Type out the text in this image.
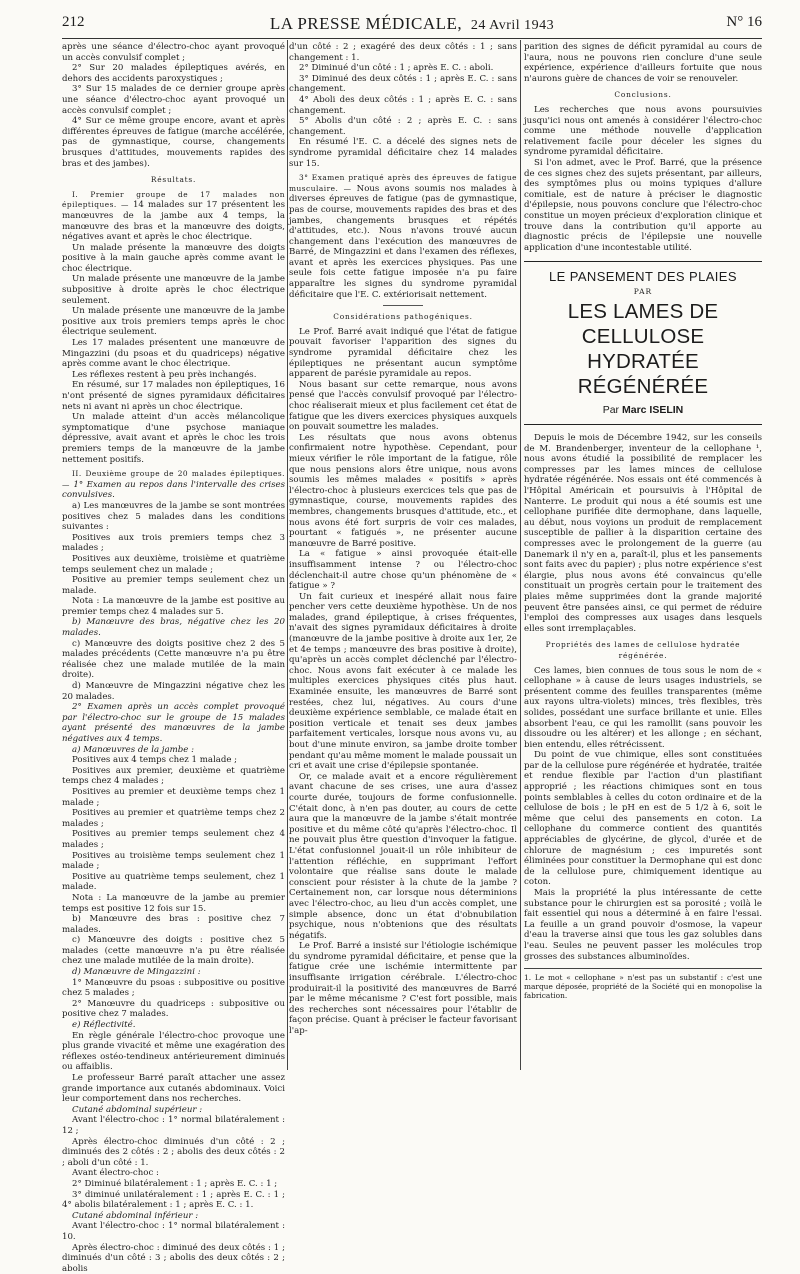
212	LA PRESSE MÉDICALE, 24 Avril 1943	N° 16

après une séance d'électro-choc ayant provoqué un accès convulsif complet ;

2° Sur 20 malades épileptiques avérés, en dehors des accidents paroxystiques ;

3° Sur 15 malades de ce dernier groupe après une séance d'électro-choc ayant provoqué un accès convulsif complet ;

4° Sur ce même groupe encore, avant et après différentes épreuves de fatigue (marche accélérée, pas de gymnastique, course, changements brusques d'attitudes, mouvements rapides des bras et des jambes).

Résultats.

I. Premier groupe de 17 malades non épileptiques. — 14 malades sur 17 présentent les manœuvres de la jambe aux 4 temps, la manœuvre des bras et la manœuvre des doigts, négatives avant et après le choc électrique.

Un malade présente la manœuvre des doigts positive à la main gauche après comme avant le choc électrique.

Un malade présente une manœuvre de la jambe subpositive à droite après le choc électrique seulement.

Un malade présente une manœuvre de la jambe positive aux trois premiers temps après le choc électrique seulement.

Les 17 malades présentent une manœuvre de Mingazzini (du psoas et du quadriceps) négative après comme avant le choc électrique.

Les réflexes restent à peu près inchangés.

En résumé, sur 17 malades non épileptiques, 16 n'ont présenté de signes pyramidaux déficitaires nets ni avant ni après un choc électrique.

Un malade atteint d'un accès mélancolique symptomatique d'une psychose maniaque dépressive, avait avant et après le choc les trois premiers temps de la manœuvre de la jambe nettement positifs.

II. Deuxième groupe de 20 malades épileptiques. — 1° Examen au repos dans l'intervalle des crises convulsives.

a) Les manœuvres de la jambe se sont montrées positives chez 5 malades dans les conditions suivantes :

Positives aux trois premiers temps chez 3 malades ;

Positives aux deuxième, troisième et quatrième temps seulement chez un malade ;

Positive au premier temps seulement chez un malade.

Nota : La manœuvre de la jambe est positive au premier temps chez 4 malades sur 5.

b) Manœuvre des bras, négative chez les 20 malades.

c) Manœuvre des doigts positive chez 2 des 5 malades précédents (Cette manœuvre n'a pu être réalisée chez une malade mutilée de la main droite).

d) Manœuvre de Mingazzini négative chez les 20 malades.

2° Examen après un accès complet provoqué par l'électro-choc sur le groupe de 15 malades ayant présenté des manœuvres de la jambe négatives aux 4 temps.

a) Manœuvres de la jambe :

Positives aux 4 temps chez 1 malade ;

Positives aux premier, deuxième et quatrième temps chez 4 malades ;

Positives au premier et deuxième temps chez 1 malade ;

Positives au premier et quatrième temps chez 2 malades ;

Positives au premier temps seulement chez 4 malades ;

Positives au troisième temps seulement chez 1 malade ;

Positive au quatrième temps seulement, chez 1 malade.

Nota : La manœuvre de la jambe au premier temps est positive 12 fois sur 15.

b) Manœuvre des bras : positive chez 7 malades.

c) Manœuvre des doigts : positive chez 5 malades (cette manœuvre n'a pu être réalisée chez une malade mutilée de la main droite).

d) Manœuvre de Mingazzini :

1° Manœuvre du psoas : subpositive ou positive chez 5 malades ;

2° Manœuvre du quadriceps : subpositive ou positive chez 7 malades.

e) Réflectivité.

En règle générale l'électro-choc provoque une plus grande vivacité et même une exagération des réflexes ostéo-tendineux antérieurement diminués ou affaiblis.

Le professeur Barré paraît attacher une assez grande importance aux cutanés abdominaux. Voici leur comportement dans nos recherches.

Cutané abdominal supérieur :

Avant l'électro-choc : 1° normal bilatéralement : 12 ;

Après électro-choc diminués d'un côté : 2 ; diminués des 2 côtés : 2 ; abolis des deux côtés : 2 ; aboli d'un côté : 1.

Avant électro-choc :

2° Diminué bilatéralement : 1 ; après E. C. : 1 ;

3° diminué unilatéralement : 1 ; après E. C. : 1 ; 4° abolis bilatéralement : 1 ; après E. C. : 1.

Cutané abdominal inférieur :

Avant l'électro-choc : 1° normal bilatéralement : 10.

Après électro-choc : diminué des deux côtés : 1 ; diminués d'un côté : 3 ; abolis des deux côtés : 2 ; abolis

d'un côté : 2 ; exagéré des deux côtés : 1 ; sans changement : 1.

2° Diminué d'un côté : 1 ; après E. C. : aboli.

3° Diminué des deux côtés : 1 ; après E. C. : sans changement.

4° Aboli des deux côtés : 1 ; après E. C. : sans changement.

5° Abolis d'un côté : 2 ; après E. C. : sans changement.

En résumé l'E. C. a décelé des signes nets de syndrome pyramidal déficitaire chez 14 malades sur 15.

3° Examen pratiqué après des épreuves de fatigue musculaire. — Nous avons soumis nos malades à diverses épreuves de fatigue (pas de gymnastique, pas de course, mouvements rapides des bras et des jambes, changements brusques et répétés d'attitudes, etc.). Nous n'avons trouvé aucun changement dans l'exécution des manœuvres de Barré, de Mingazzini et dans l'examen des réflexes, avant et après les exercices physiques. Pas une seule fois cette fatigue imposée n'a pu faire apparaître les signes du syndrome pyramidal déficitaire que l'E. C. extériorisait nettement.

Considérations pathogéniques.

Le Prof. Barré avait indiqué que l'état de fatigue pouvait favoriser l'apparition des signes du syndrome pyramidal déficitaire chez les épileptiques ne présentant aucun symptôme apparent de parésie pyramidale au repos.

Nous basant sur cette remarque, nous avons pensé que l'accès convulsif provoqué par l'électro-choc réaliserait mieux et plus facilement cet état de fatigue que les divers exercices physiques auxquels on pouvait soumettre les malades.

Les résultats que nous avons obtenus confirmaient notre hypothèse. Cependant, pour mieux vérifier le rôle important de la fatigue, rôle que nous pensions alors être unique, nous avons soumis les mêmes malades « positifs » après l'électro-choc à plusieurs exercices tels que pas de gymnastique, course, mouvements rapides des membres, changements brusques d'attitude, etc., et nous avons été fort surpris de voir ces malades, pourtant « fatigués », ne présenter aucune manœuvre de Barré positive.

La « fatigue » ainsi provoquée était-elle insuffisamment intense ? ou l'électro-choc déclenchait-il autre chose qu'un phénomène de « fatigue » ?

Un fait curieux et inespéré allait nous faire pencher vers cette deuxième hypothèse. Un de nos malades, grand épileptique, à crises fréquentes, n'avait des signes pyramidaux déficitaires à droite (manœuvre de la jambe positive à droite aux 1er, 2e et 4e temps ; manœuvre des bras positive à droite), qu'après un accès complet déclenché par l'électro-choc. Nous avons fait exécuter à ce malade les multiples exercices physiques cités plus haut. Examinée ensuite, les manœuvres de Barré sont restées, chez lui, négatives. Au cours d'une deuxième expérience semblable, ce malade était en position verticale et tenait ses deux jambes parfaitement verticales, lorsque nous avons vu, au bout d'une minute environ, sa jambe droite tomber pendant qu'au même moment le malade poussait un cri et avait une crise d'épilepsie spontanée.

Or, ce malade avait et a encore régulièrement avant chacune de ses crises, une aura d'assez courte durée, toujours de forme confusionnelle. C'était donc, à n'en pas douter, au cours de cette aura que la manœuvre de la jambe s'était montrée positive et du même côté qu'après l'électro-choc. Il ne pouvait plus être question d'invoquer la fatigue. L'état confusionnel jouait-il un rôle inhibiteur de l'attention réfléchie, en supprimant l'effort volontaire que réalise sans doute le malade conscient pour résister à la chute de la jambe ? Certainement non, car lorsque nous déterminions avec l'électro-choc, au lieu d'un accès complet, une simple absence, donc un état d'obnubilation psychique, nous n'obtenions que des résultats négatifs.

Le Prof. Barré a insisté sur l'étiologie ischémique du syndrome pyramidal déficitaire, et pense que la fatigue crée une ischémie intermittente par insuffisante irrigation cérébrale. L'électro-choc produirait-il la positivité des manœuvres de Barré par le même mécanisme ? C'est fort possible, mais des recherches sont nécessaires pour l'établir de façon précise. Quant à préciser le facteur favorisant l'ap-

parition des signes de déficit pyramidal au cours de l'aura, nous ne pouvons rien conclure d'une seule expérience, expérience d'ailleurs fortuite que nous n'aurons guère de chances de voir se renouveler.

Conclusions.

Les recherches que nous avons poursuivies jusqu'ici nous ont amenés à considérer l'électro-choc comme une méthode nouvelle d'application relativement facile pour déceler les signes du syndrome pyramidal déficitaire.

Si l'on admet, avec le Prof. Barré, que la présence de ces signes chez des sujets présentant, par ailleurs, des symptômes plus ou moins typiques d'allure comitiale, est de nature à préciser le diagnostic d'épilepsie, nous pouvons conclure que l'électro-choc constitue un moyen précieux d'exploration clinique et trouve dans la contribution qu'il apporte au diagnostic précis de l'épilepsie une nouvelle application d'une incontestable utilité.

LE PANSEMENT DES PLAIES
PAR
LES LAMES DE CELLULOSE HYDRATÉE RÉGÉNÉRÉE
Par Marc ISELIN

Depuis le mois de Décembre 1942, sur les conseils de M. Brandenberger, inventeur de la cellophane ¹, nous avons étudié la possibilité de remplacer les compresses par les lames minces de cellulose hydratée régénérée. Nos essais ont été commencés à l'Hôpital Américain et poursuivis à l'Hôpital de Nanterre. Le produit qui nous a été soumis est une cellophane purifiée dite dermophane, dans laquelle, au début, nous voyions un produit de remplacement susceptible de pallier à la disparition certaine des compresses avec le prolongement de la guerre (au Danemark il n'y en a, paraît-il, plus et les pansements sont faits avec du papier) ; plus notre expérience s'est élargie, plus nous avons été convaincus qu'elle constituait un progrès certain pour le traitement des plaies même supprimées dont la grande majorité peuvent être pansées ainsi, ce qui permet de réduire l'emploi des compresses aux usages dans lesquels elles sont irremplaçables.

Propriétés des lames de cellulose hydratée régénérée.

Ces lames, bien connues de tous sous le nom de « cellophane » à cause de leurs usages industriels, se présentent comme des feuilles transparentes (même aux rayons ultra-violets) minces, très flexibles, très solides, possédant une surface brillante et unie. Elles absorbent l'eau, ce qui les ramollit (sans pouvoir les dissoudre ou les altérer) et les allonge ; en séchant, bien entendu, elles rétrécissent.

Du point de vue chimique, elles sont constituées par de la cellulose pure régénérée et hydratée, traitée et rendue flexible par l'action d'un plastifiant approprié ; les réactions chimiques sont en tous points semblables à celles du coton ordinaire et de la cellulose de bois ; le pH en est de 5 1/2 à 6, soit le même que celui des pansements en coton. La cellophane du commerce contient des quantités appréciables de glycérine, de glycol, d'urée et de chlorure de magnésium ; ces impuretés sont éliminées pour constituer la Dermophane qui est donc de la cellulose pure, chimiquement identique au coton.

Mais la propriété la plus intéressante de cette substance pour le chirurgien est sa porosité ; voilà le fait essentiel qui nous a déterminé à en faire l'essai. La feuille a un grand pouvoir d'osmose, la vapeur d'eau la traverse ainsi que tous les gaz solubles dans l'eau. Seules ne peuvent passer les molécules trop grosses des substances albuminoïdes.

1. Le mot « cellophane » n'est pas un substantif : c'est une marque déposée, propriété de la Société qui en monopolise la fabrication.
